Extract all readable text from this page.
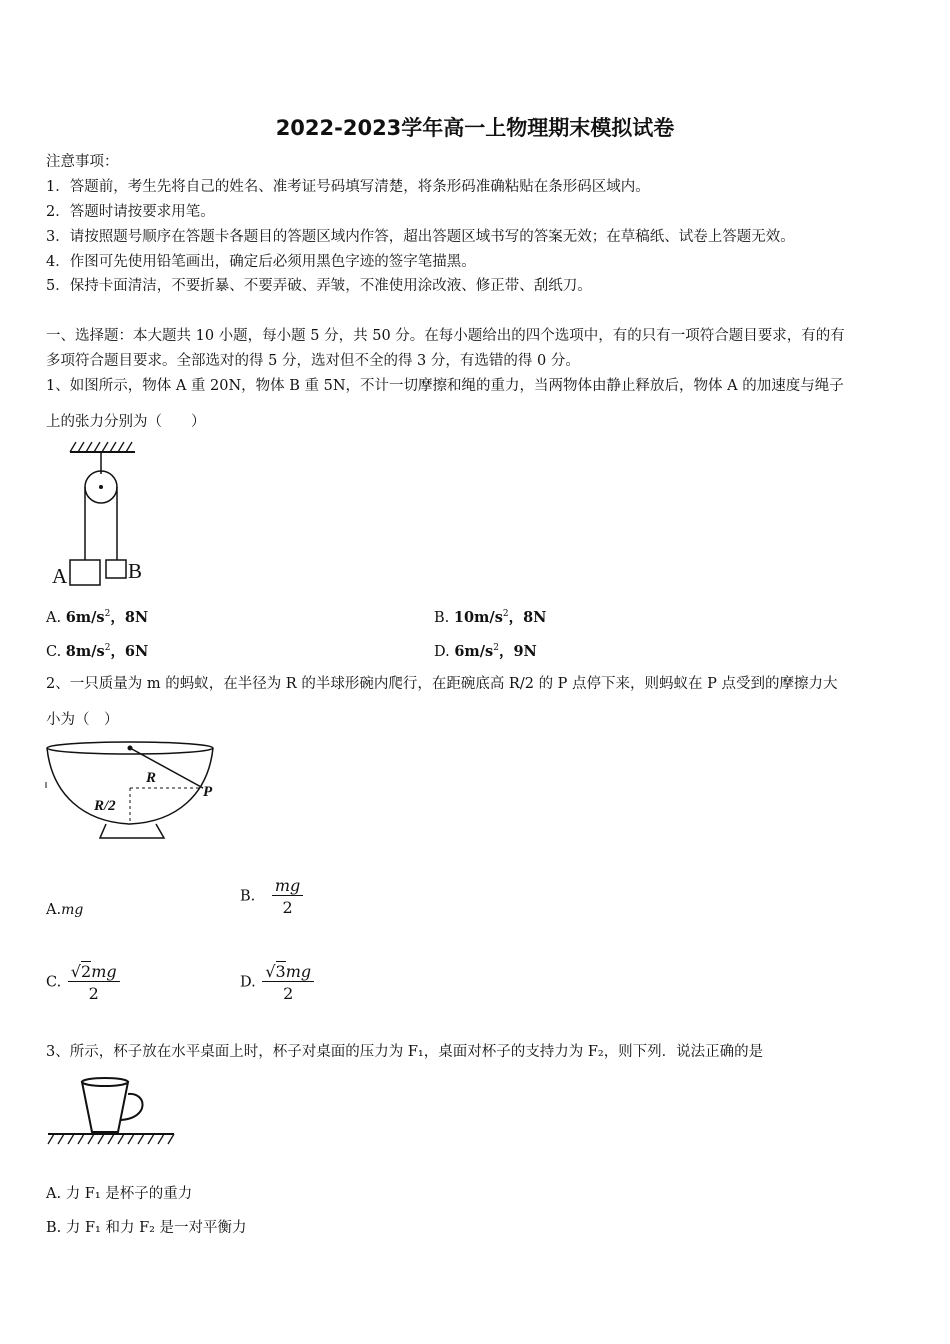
2022-2023学年高一上物理期末模拟试卷
注意事项：
1．答题前，考生先将自己的姓名、准考证号码填写清楚，将条形码准确粘贴在条形码区域内。
2．答题时请按要求用笔。
3．请按照题号顺序在答题卡各题目的答题区域内作答，超出答题区域书写的答案无效；在草稿纸、试卷上答题无效。
4．作图可先使用铅笔画出，确定后必须用黑色字迹的签字笔描黑。
5．保持卡面清洁，不要折暴、不要弄破、弄皱，不准使用涂改液、修正带、刮纸刀。
一、选择题：本大题共 10 小题，每小题 5 分，共 50 分。在每小题给出的四个选项中，有的只有一项符合题目要求，有的有
多项符合题目要求。全部选对的得 5 分，选对但不全的得 3 分，有选错的得 0 分。
1、如图所示，物体 A 重 20N，物体 B 重 5N，不计一切摩擦和绳的重力，当两物体由静止释放后，物体 A 的加速度与绳子
上的张力分别为（　　）
A	B
A. $6m/s^2$，8N	B. $10m/s^2$，8N
C. $8m/s^2$，6N	D. $6m/s^2$，9N
2、一只质量为 m 的蚂蚁，在半径为 R 的半球形碗内爬行，在距碗底高 R/2 的 P 点停下来，则蚂蚁在 P 点受到的摩擦力大
小为（　）
R
R/2
P
A.mg
B. $\frac{mg}{2}$
C. $\frac{√2mg}{2}$	D. $\frac{√3mg}{2}$
3、所示，杯子放在水平桌面上时，杯子对桌面的压力为 F₁，桌面对杯子的支持力为 F₂，则下列．说法正确的是
A. 力 F₁ 是杯子的重力
B. 力 F₁ 和力 F₂ 是一对平衡力
